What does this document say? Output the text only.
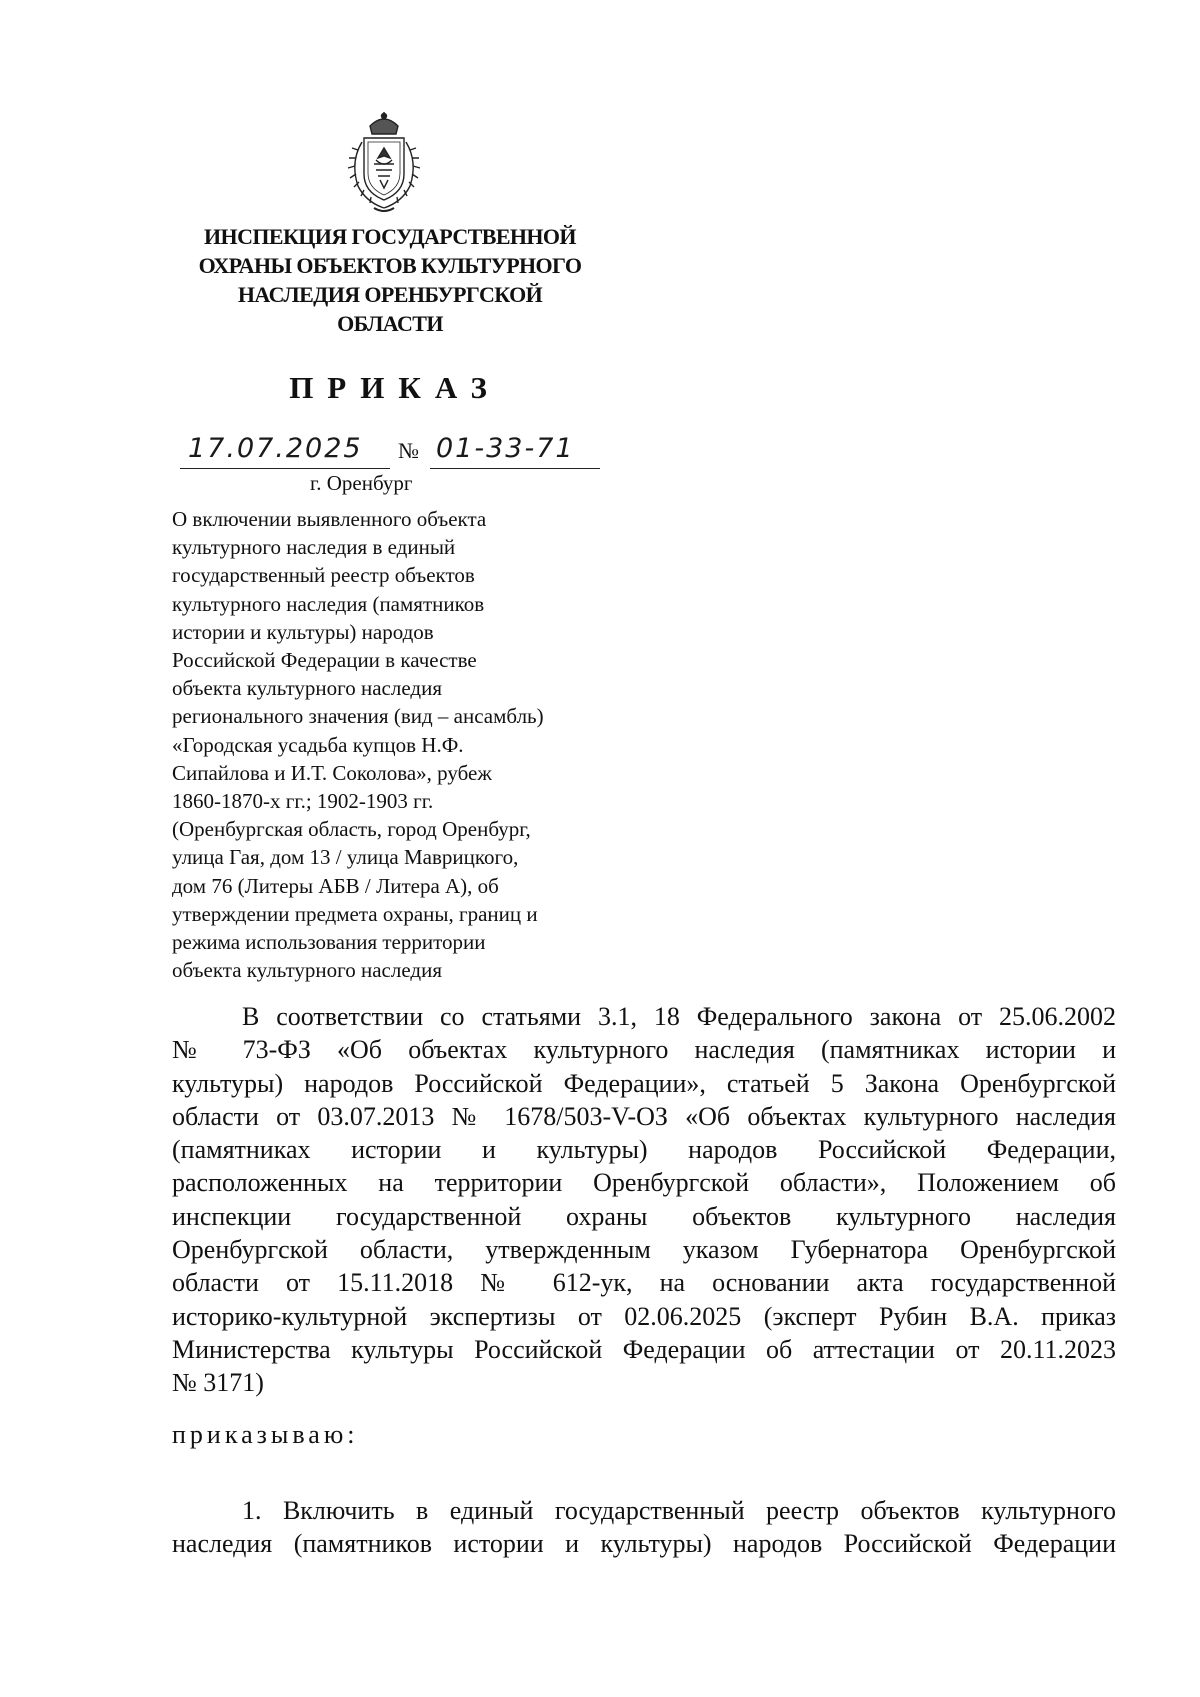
ИНСПЕКЦИЯ ГОСУДАРСТВЕННОЙ
ОХРАНЫ ОБЪЕКТОВ КУЛЬТУРНОГО
НАСЛЕДИЯ ОРЕНБУРГСКОЙ
ОБЛАСТИ
ПРИКАЗ
17.07.2025 № 01-33-71
г. Оренбург
О включении выявленного объекта
культурного наследия в единый
государственный реестр объектов
культурного наследия (памятников
истории и культуры) народов
Российской Федерации в качестве
объекта культурного наследия
регионального значения (вид – ансамбль)
«Городская усадьба купцов Н.Ф.
Сипайлова и И.Т. Соколова», рубеж
1860-1870-х гг.; 1902-1903 гг.
(Оренбургская область, город Оренбург,
улица Гая, дом 13 / улица Маврицкого,
дом 76 (Литеры АБВ / Литера А), об
утверждении предмета охраны, границ и
режима использования территории
объекта культурного наследия
В соответствии со статьями 3.1, 18 Федерального закона от 25.06.2002
№ 73-ФЗ «Об объектах культурного наследия (памятниках истории и
культуры) народов Российской Федерации», статьей 5 Закона Оренбургской
области от 03.07.2013 № 1678/503-V-ОЗ «Об объектах культурного наследия
(памятниках истории и культуры) народов Российской Федерации,
расположенных на территории Оренбургской области», Положением об
инспекции государственной охраны объектов культурного наследия
Оренбургской области, утвержденным указом Губернатора Оренбургской
области от 15.11.2018 № 612-ук, на основании акта государственной
историко-культурной экспертизы от 02.06.2025 (эксперт Рубин В.А. приказ
Министерства культуры Российской Федерации об аттестации от 20.11.2023
№ 3171)
приказываю:
1. Включить в единый государственный реестр объектов культурного
наследия (памятников истории и культуры) народов Российской Федерации
